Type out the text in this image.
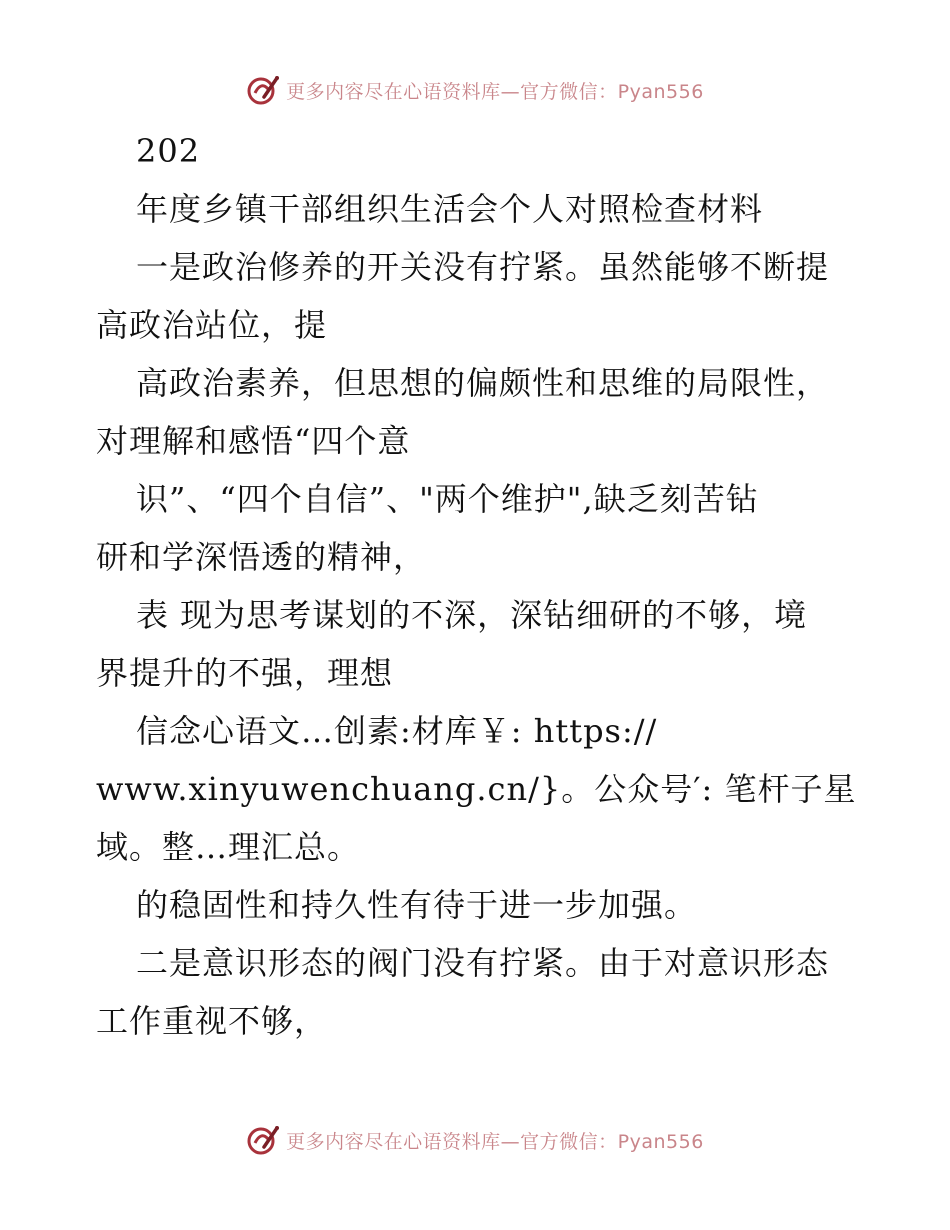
更多内容尽在心语资料库—官方微信：Pyan556
202
年度乡镇干部组织生活会个人对照检查材料
一是政治修养的开关没有拧紧。虽然能够不断提
高政治站位，提
高政治素养，但思想的偏颇性和思维的局限性，
对理解和感悟“四个意
识”、“四个自信”、"两个维护",缺乏刻苦钻
研和学深悟透的精神，
表 现为思考谋划的不深，深钻细研的不够，境
界提升的不强，理想
信念心语文…创素:材库￥: https://
www.xinyuwenchuang.cn/}。公众号′: 笔杆子星
域。整…理汇总。
的稳固性和持久性有待于进一步加强。
二是意识形态的阀门没有拧紧。由于对意识形态
工作重视不够，
更多内容尽在心语资料库—官方微信：Pyan556
